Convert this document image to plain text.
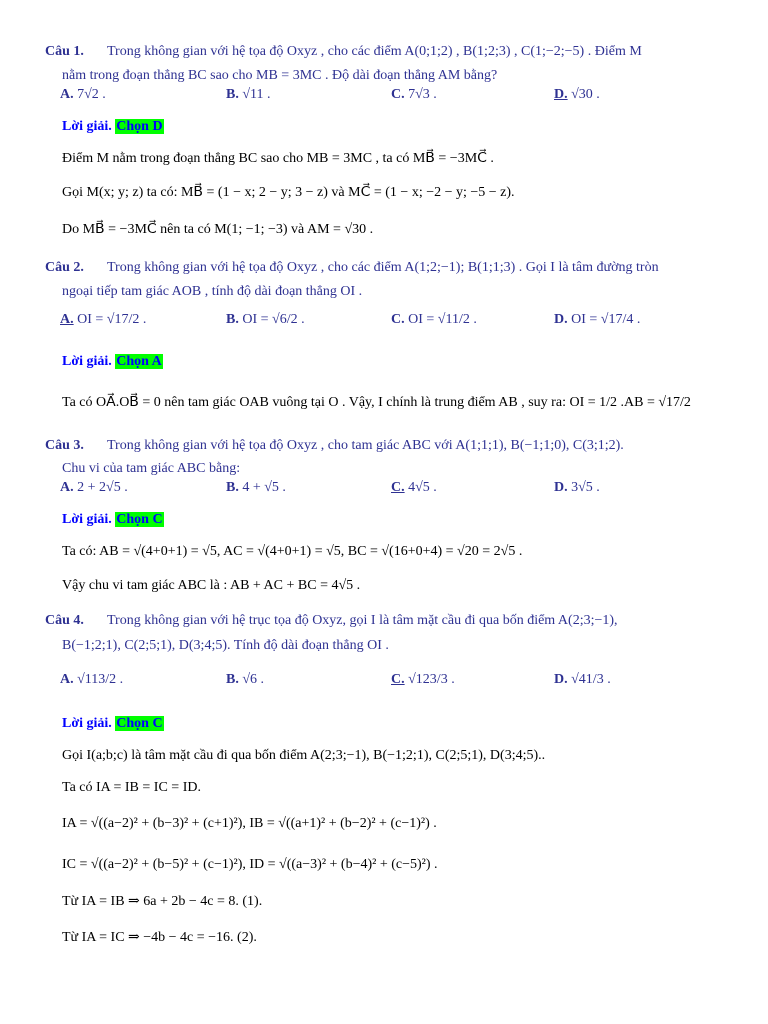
Câu 1. Trong không gian với hệ tọa độ Oxyz , cho các điểm A(0;1;2) , B(1;2;3) , C(1;−2;−5) . Điểm M
nằm trong đoạn thẳng BC sao cho MB = 3MC . Độ dài đoạn thẳng AM bằng?
A. 7√2 .	B. √11 .	C. 7√3 .	D. √30 .
Lời giải. Chọn D
Điểm M nằm trong đoạn thẳng BC sao cho MB = 3MC , ta có MB⃗ = −3MC⃗ .
Gọi M(x; y; z) ta có: MB⃗ = (1 − x; 2 − y; 3 − z) và MC⃗ = (1 − x; −2 − y; −5 − z).
Do MB⃗ = −3MC⃗ nên ta có M(1; −1; −3) và AM = √30 .
Câu 2. Trong không gian với hệ tọa độ Oxyz , cho các điểm A(1;2;−1); B(1;1;3) . Gọi I là tâm đường tròn
ngoại tiếp tam giác AOB , tính độ dài đoạn thẳng OI .
A. OI = √17/2 .	B. OI = √6/2 .	C. OI = √11/2 .	D. OI = √17/4 .
Lời giải. Chọn A
Ta có OA⃗.OB⃗ = 0 nên tam giác OAB vuông tại O . Vậy, I chính là trung điểm AB , suy ra: OI = 1/2 .AB = √17/2
Câu 3. Trong không gian với hệ tọa độ Oxyz , cho tam giác ABC với A(1;1;1), B(−1;1;0), C(3;1;2).
Chu vi của tam giác ABC bằng:
A. 2 + 2√5 .	B. 4 + √5 .	C. 4√5 .	D. 3√5 .
Lời giải. Chọn C
Ta có: AB = √(4+0+1) = √5, AC = √(4+0+1) = √5, BC = √(16+0+4) = √20 = 2√5 .
Vậy chu vi tam giác ABC là : AB + AC + BC = 4√5 .
Câu 4. Trong không gian với hệ trục tọa độ Oxyz, gọi I là tâm mặt cầu đi qua bốn điểm A(2;3;−1),
B(−1;2;1), C(2;5;1), D(3;4;5). Tính độ dài đoạn thẳng OI .
A. √113/2 .	B. √6 .	C. √123/3 .	D. √41/3 .
Lời giải. Chọn C
Gọi I(a;b;c) là tâm mặt cầu đi qua bốn điểm A(2;3;−1), B(−1;2;1), C(2;5;1), D(3;4;5)..
Ta có IA = IB = IC = ID.
IA = √((a−2)² + (b−3)² + (c+1)²), IB = √((a+1)² + (b−2)² + (c−1)²) .
IC = √((a−2)² + (b−5)² + (c−1)²), ID = √((a−3)² + (b−4)² + (c−5)²) .
Từ IA = IB ⇒ 6a + 2b − 4c = 8. (1).
Từ IA = IC ⇒ −4b − 4c = −16. (2).
